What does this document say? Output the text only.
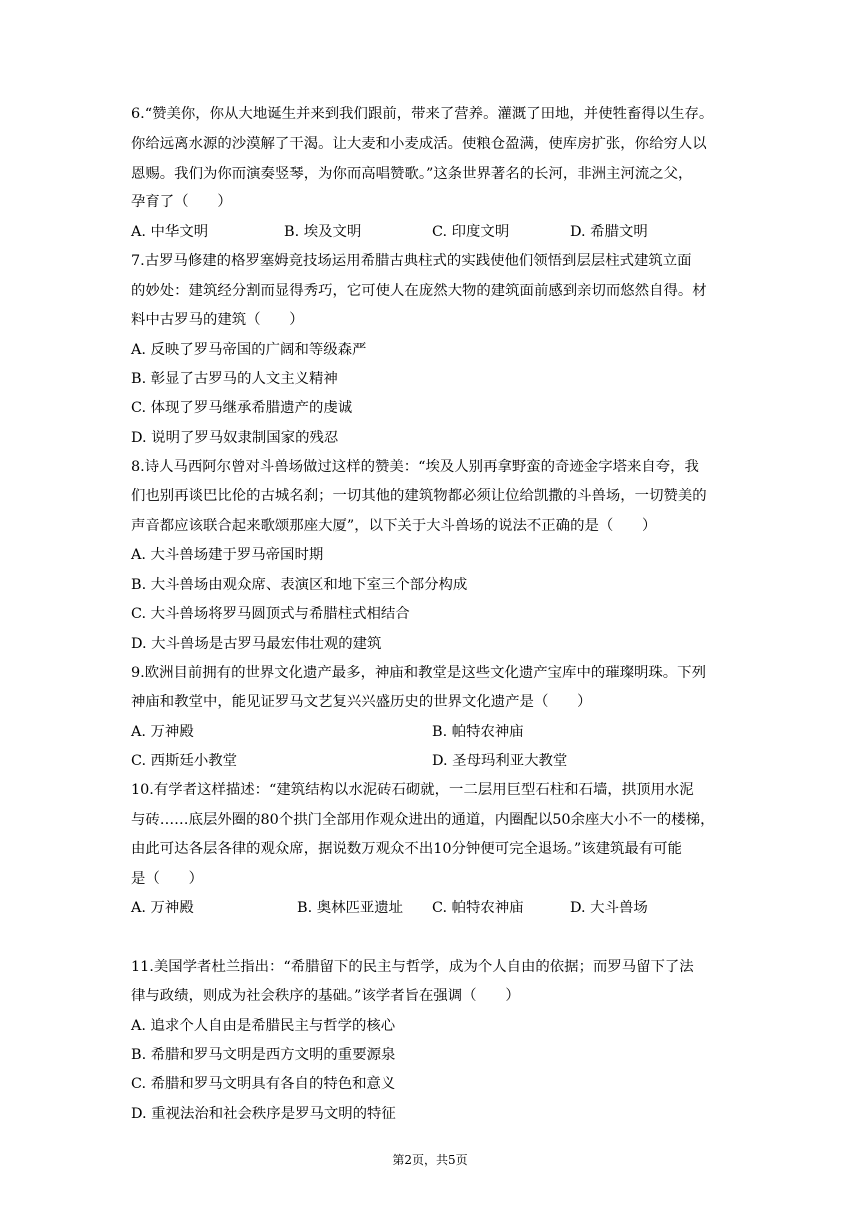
6.“赞美你，你从大地诞生并来到我们跟前，带来了营养。灌溉了田地，并使牲畜得以生存。
你给远离水源的沙漠解了干渴。让大麦和小麦成活。使粮仓盈满，使库房扩张，你给穷人以
恩赐。我们为你而演奏竖琴，为你而高唱赞歌。”这条世界著名的长河，非洲主河流之父，
孕育了（　　）
A. 中华文明	B. 埃及文明	C. 印度文明	D. 希腊文明
7.古罗马修建的格罗塞姆竞技场运用希腊古典柱式的实践使他们领悟到层层柱式建筑立面
的妙处：建筑经分割而显得秀巧，它可使人在庞然大物的建筑面前感到亲切而悠然自得。材
料中古罗马的建筑（　　）
A. 反映了罗马帝国的广阔和等级森严
B. 彰显了古罗马的人文主义精神
C. 体现了罗马继承希腊遗产的虔诚
D. 说明了罗马奴隶制国家的残忍
8.诗人马西阿尔曾对斗兽场做过这样的赞美：“埃及人别再拿野蛮的奇迹金字塔来自夸，我
们也别再谈巴比伦的古城名刹；一切其他的建筑物都必须让位给凯撒的斗兽场，一切赞美的
声音都应该联合起来歌颂那座大厦”，以下关于大斗兽场的说法不正确的是（　　）
A. 大斗兽场建于罗马帝国时期
B. 大斗兽场由观众席、表演区和地下室三个部分构成
C. 大斗兽场将罗马圆顶式与希腊柱式相结合
D. 大斗兽场是古罗马最宏伟壮观的建筑
9.欧洲目前拥有的世界文化遗产最多，神庙和教堂是这些文化遗产宝库中的璀璨明珠。下列
神庙和教堂中，能见证罗马文艺复兴兴盛历史的世界文化遗产是（　　）
A. 万神殿	B. 帕特农神庙
C. 西斯廷小教堂	D. 圣母玛利亚大教堂
10.有学者这样描述：“建筑结构以水泥砖石砌就，一二层用巨型石柱和石墙，拱顶用水泥
与砖……底层外圈的80个拱门全部用作观众进出的通道，内圈配以50余座大小不一的楼梯，
由此可达各层各律的观众席，据说数万观众不出10分钟便可完全退场。”该建筑最有可能
是（　　）
A. 万神殿	B. 奥林匹亚遗址 C. 帕特农神庙	D. 大斗兽场
11.美国学者杜兰指出：“希腊留下的民主与哲学，成为个人自由的依据；而罗马留下了法
律与政绩，则成为社会秩序的基础。”该学者旨在强调（　　）
A. 追求个人自由是希腊民主与哲学的核心
B. 希腊和罗马文明是西方文明的重要源泉
C. 希腊和罗马文明具有各自的特色和意义
D. 重视法治和社会秩序是罗马文明的特征
第2页，共5页
